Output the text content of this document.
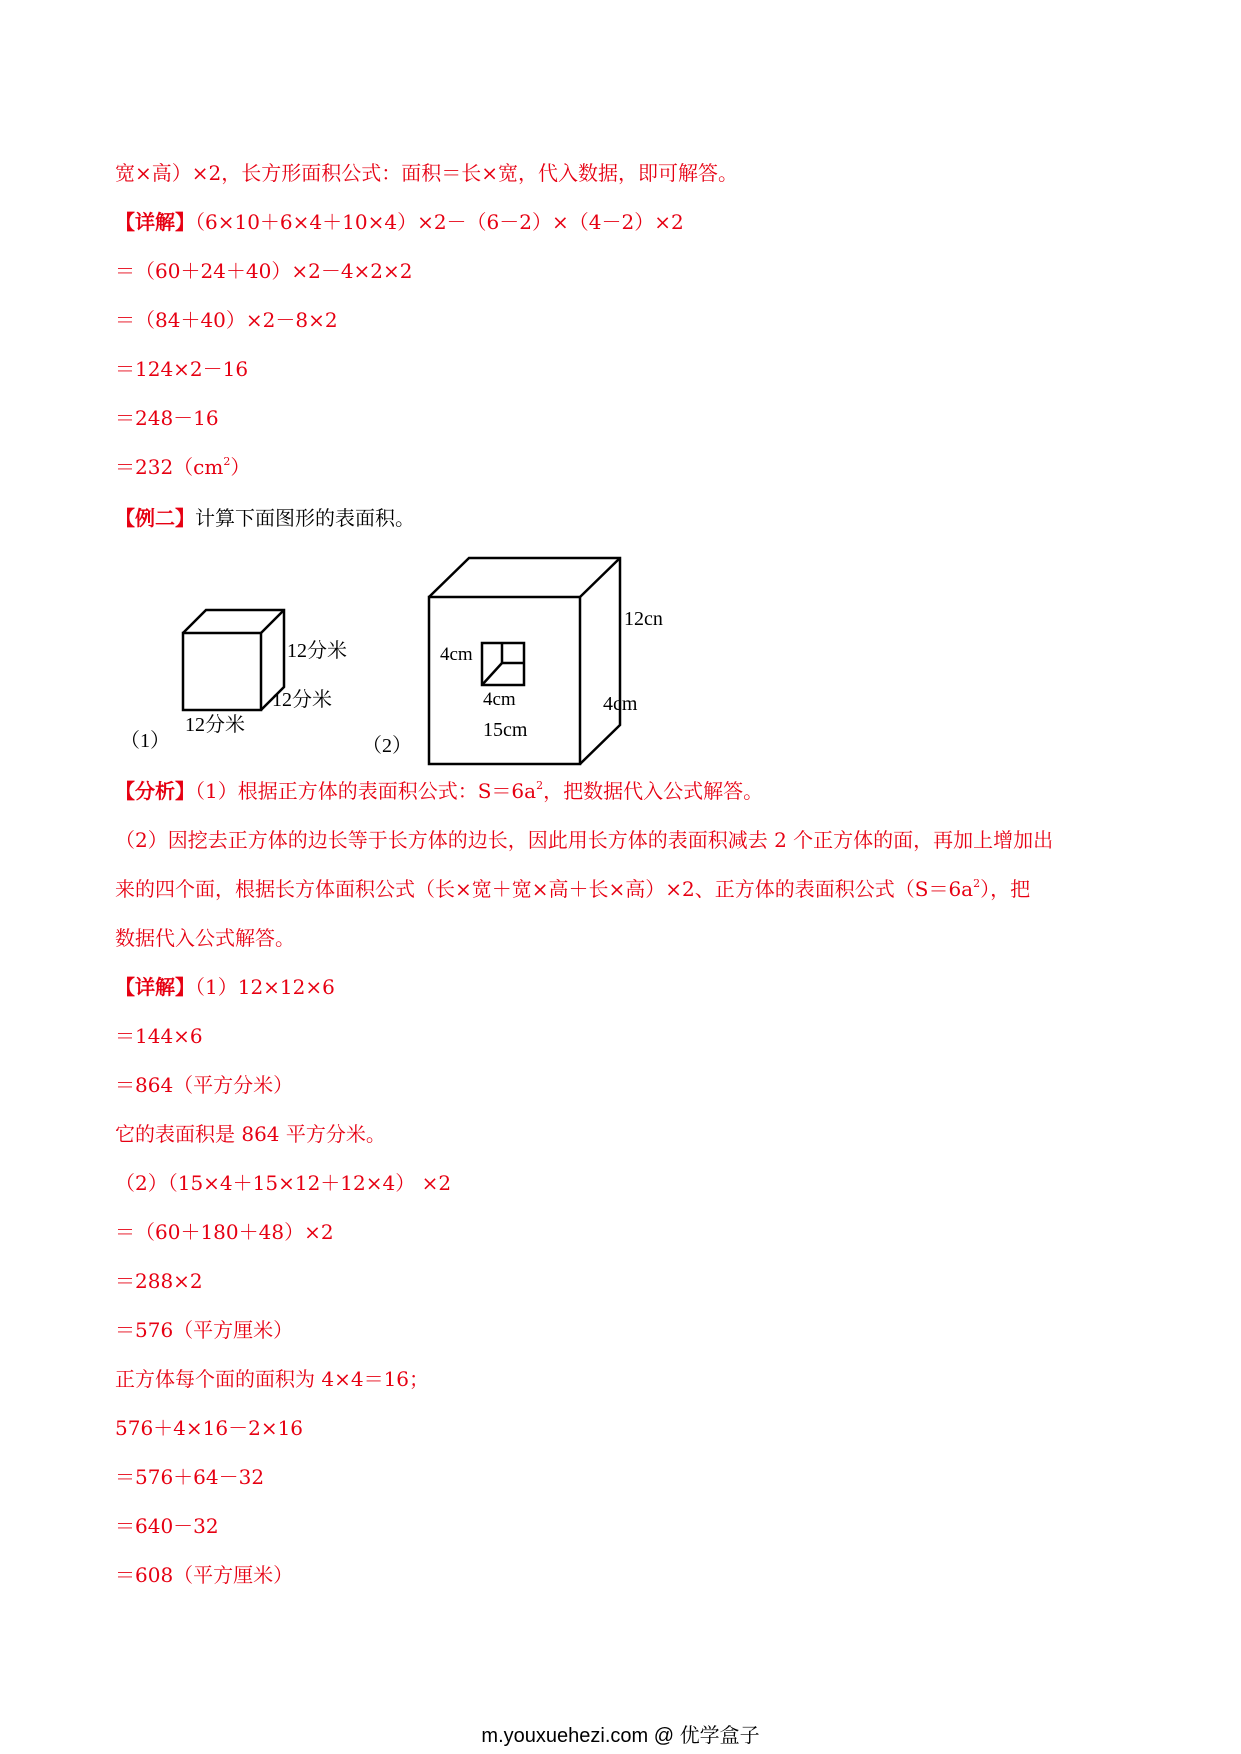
宽×高）×2，长方形面积公式：面积＝长×宽，代入数据，即可解答。
【详解】（6×10＋6×4＋10×4）×2－（6－2）×（4－2）×2
＝（60＋24＋40）×2－4×2×2
＝（84＋40）×2－8×2
＝124×2－16
＝248－16
$=232(cm^2)$
【例二】计算下面图形的表面积。
12分米
12分米
12分米
（1）
12cn
4cm
4cm	4cm
15cm
（2）
【分析】（1）根据正方体的表面积公式：$S=6a^2$，把数据代入公式解答。
（2）因挖去正方体的边长等于长方体的边长，因此用长方体的表面积减去 2 个正方体的面，再加上增加出
来的四个面，根据长方体面积公式（长×宽＋宽×高＋长×高）×2、正方体的表面积公式$(S=6a^2)$，把
数据代入公式解答。
【详解】（1）12×12×6
＝144×6
＝864（平方分米）
它的表面积是 864 平方分米。
（2）（15×4＋15×12＋12×4） ×2
＝（60＋180＋48）×2
＝288×2
＝576（平方厘米）
正方体每个面的面积为 4×4＝16；
576＋4×16－2×16
＝576＋64－32
＝640－32
＝608（平方厘米）
m.youxuehezi.com @ 优学盒子
